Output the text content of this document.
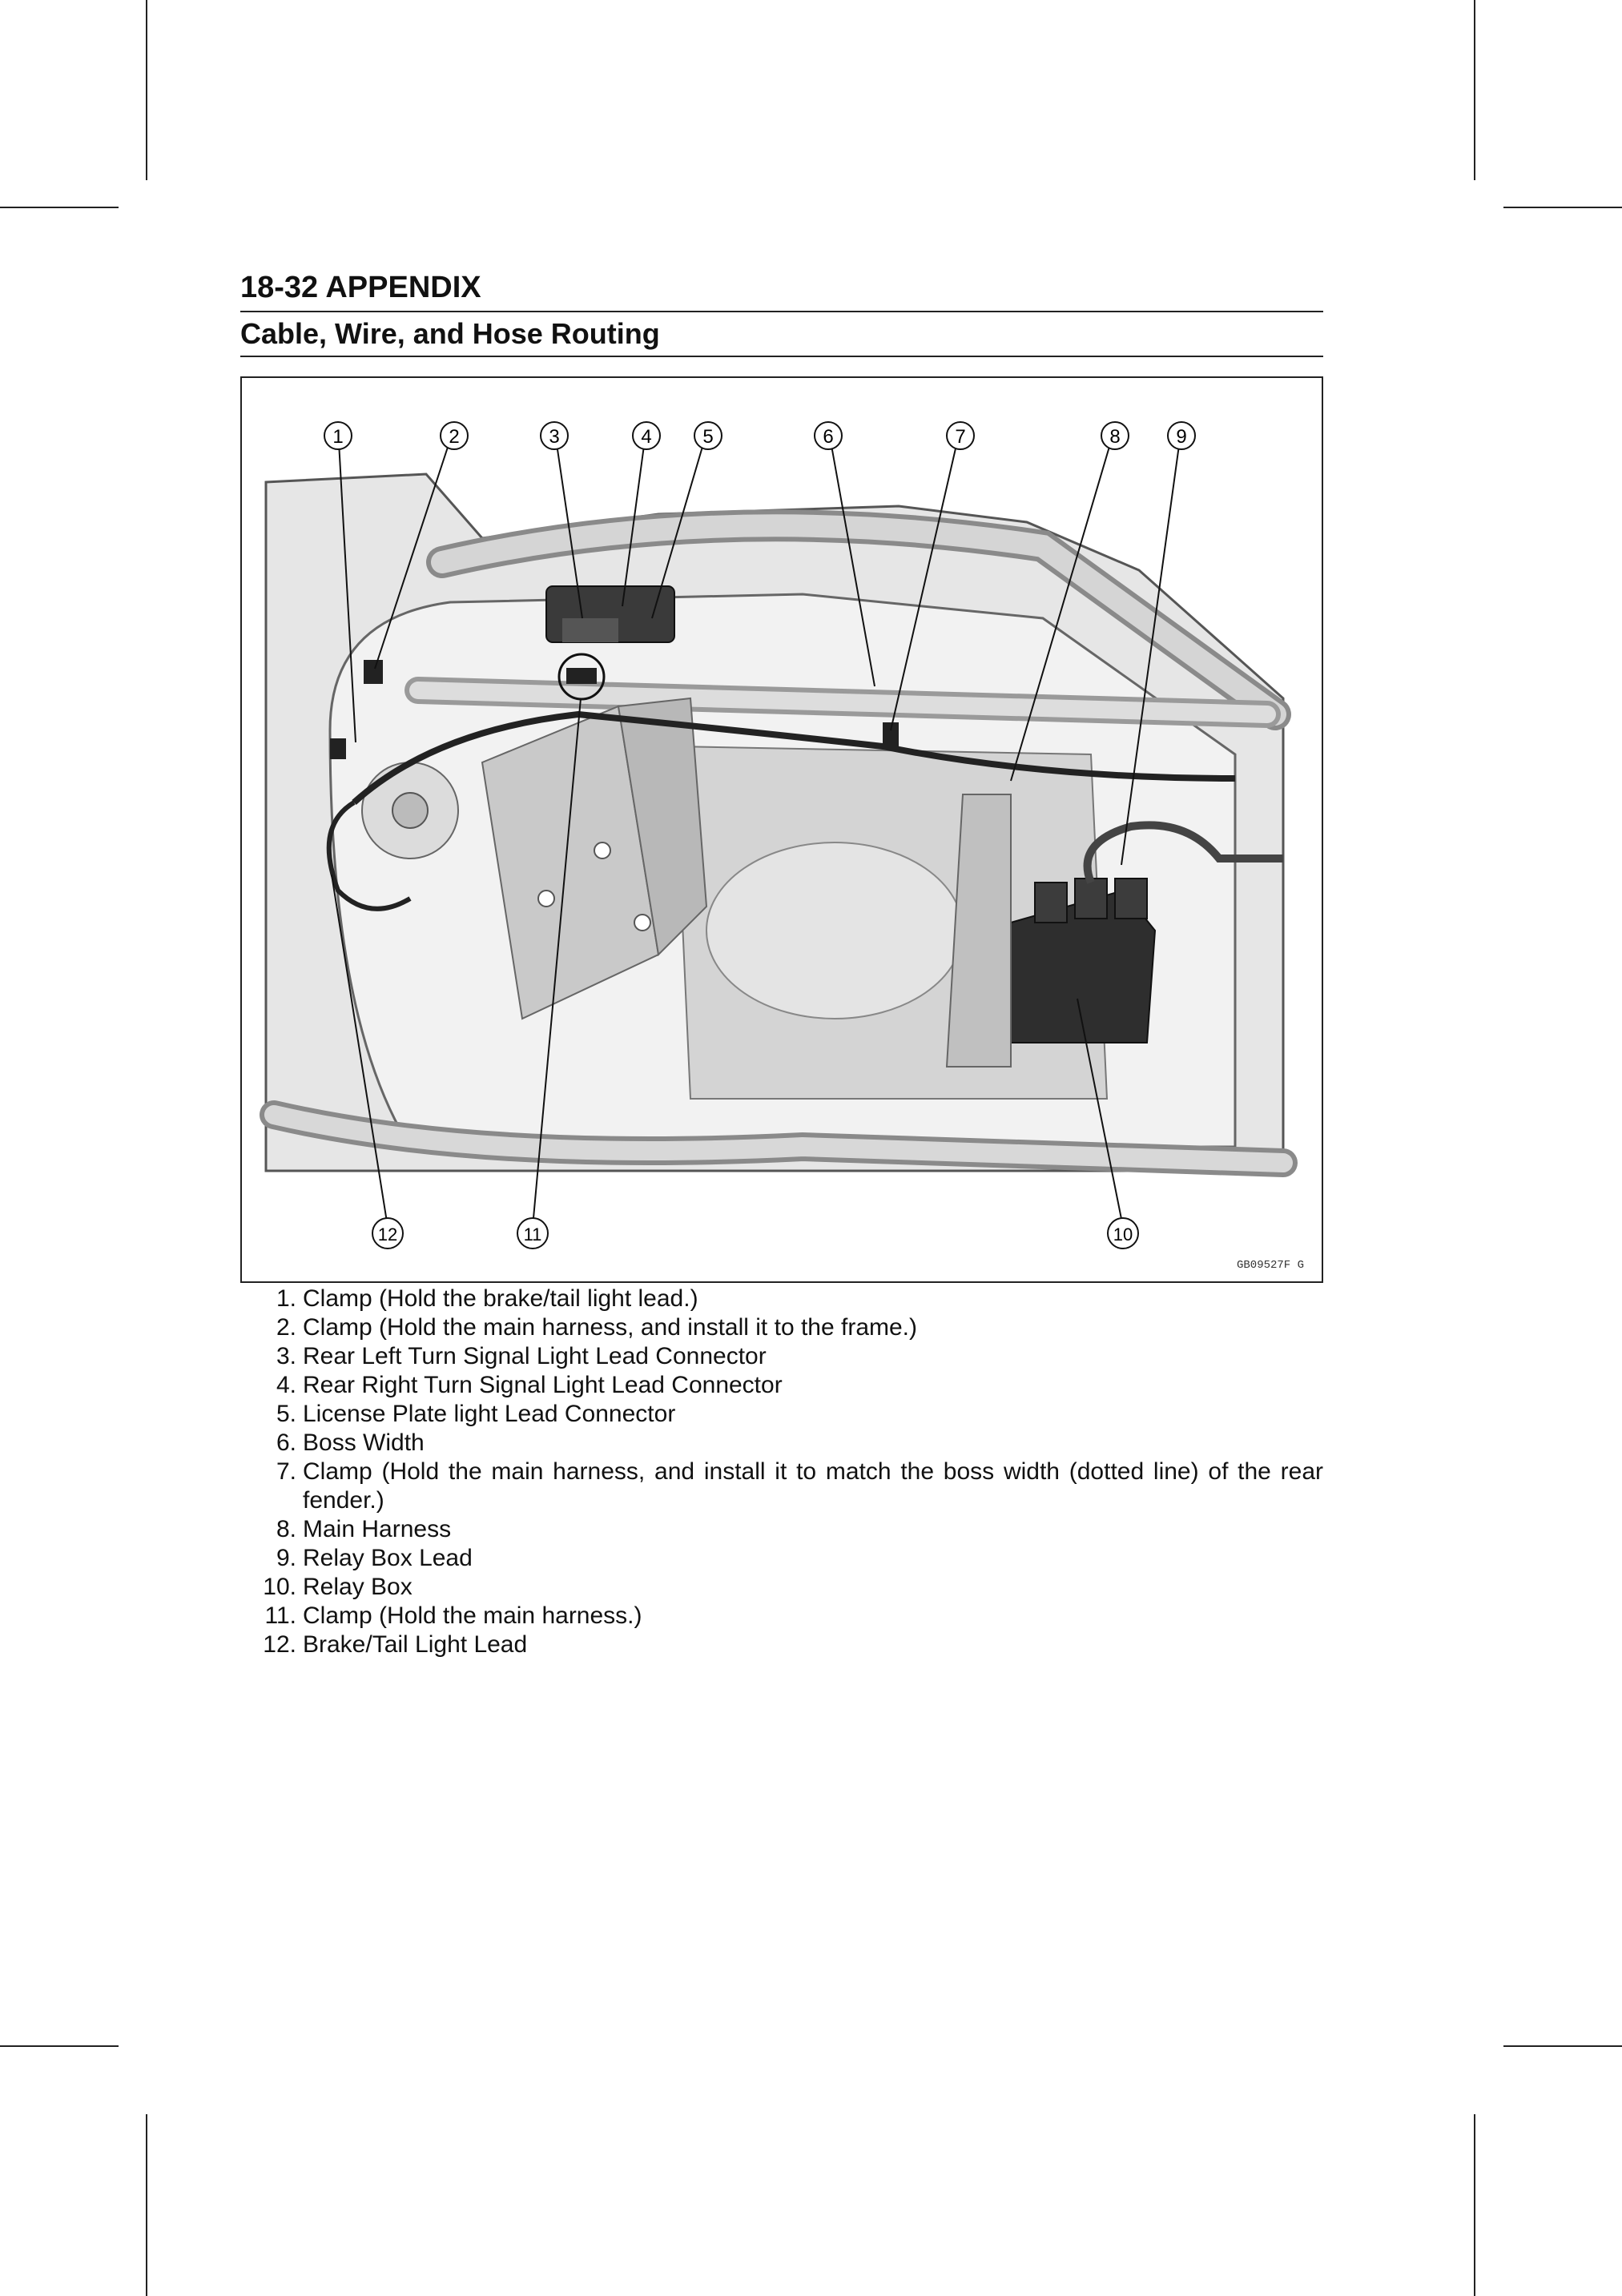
18-32 APPENDIX
Cable, Wire, and Hose Routing
1	2	3	4	5	6	7	8	9
10
11
12
GB09527F G
1. Clamp (Hold the brake/tail light lead.)
2. Clamp (Hold the main harness, and install it to the frame.)
3. Rear Left Turn Signal Light Lead Connector
4. Rear Right Turn Signal Light Lead Connector
5. License Plate light Lead Connector
6. Boss Width
7. Clamp (Hold the main harness, and install it to match the boss width (dotted line) of the rear fender.)
8. Main Harness
9. Relay Box Lead
10. Relay Box
11. Clamp (Hold the main harness.)
12. Brake/Tail Light Lead
